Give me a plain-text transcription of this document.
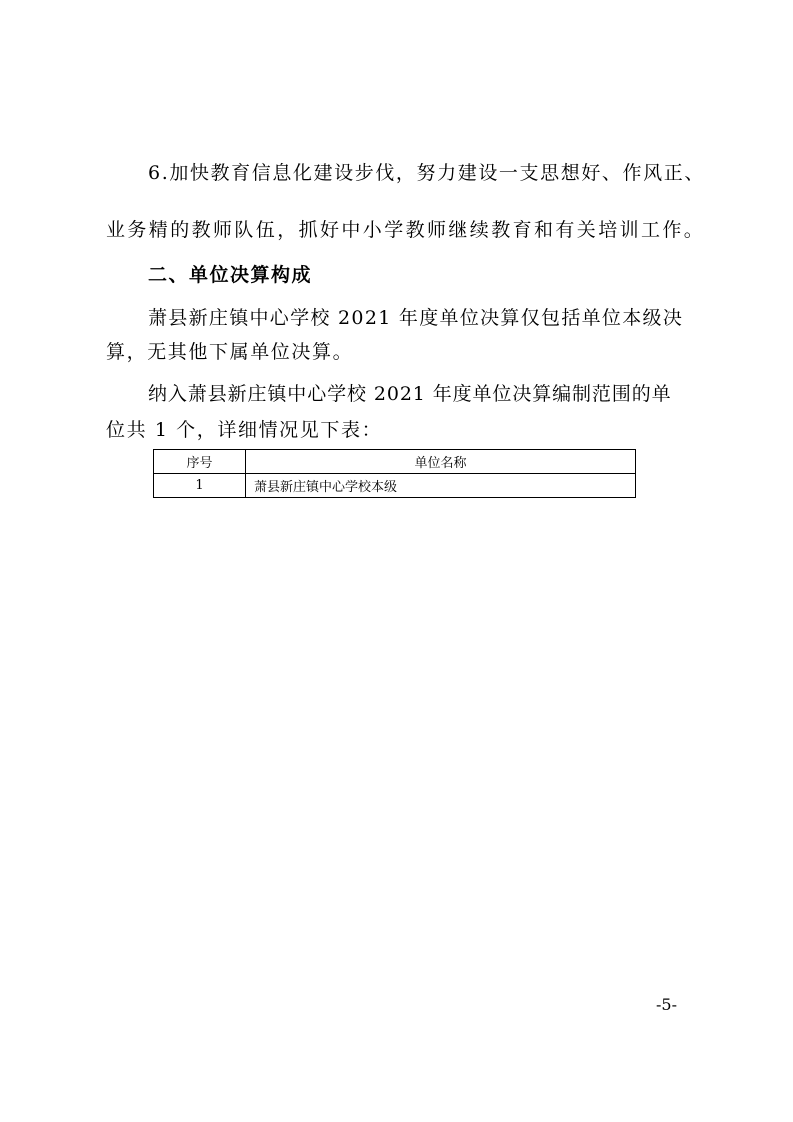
6.加快教育信息化建设步伐，努力建设一支思想好、作风正、
业务精的教师队伍，抓好中小学教师继续教育和有关培训工作。
二、单位决算构成
萧县新庄镇中心学校 2021 年度单位决算仅包括单位本级决
算，无其他下属单位决算。
纳入萧县新庄镇中心学校 2021 年度单位决算编制范围的单
位共 1 个，详细情况见下表：
序号	单位名称
1	萧县新庄镇中心学校本级
-5-
